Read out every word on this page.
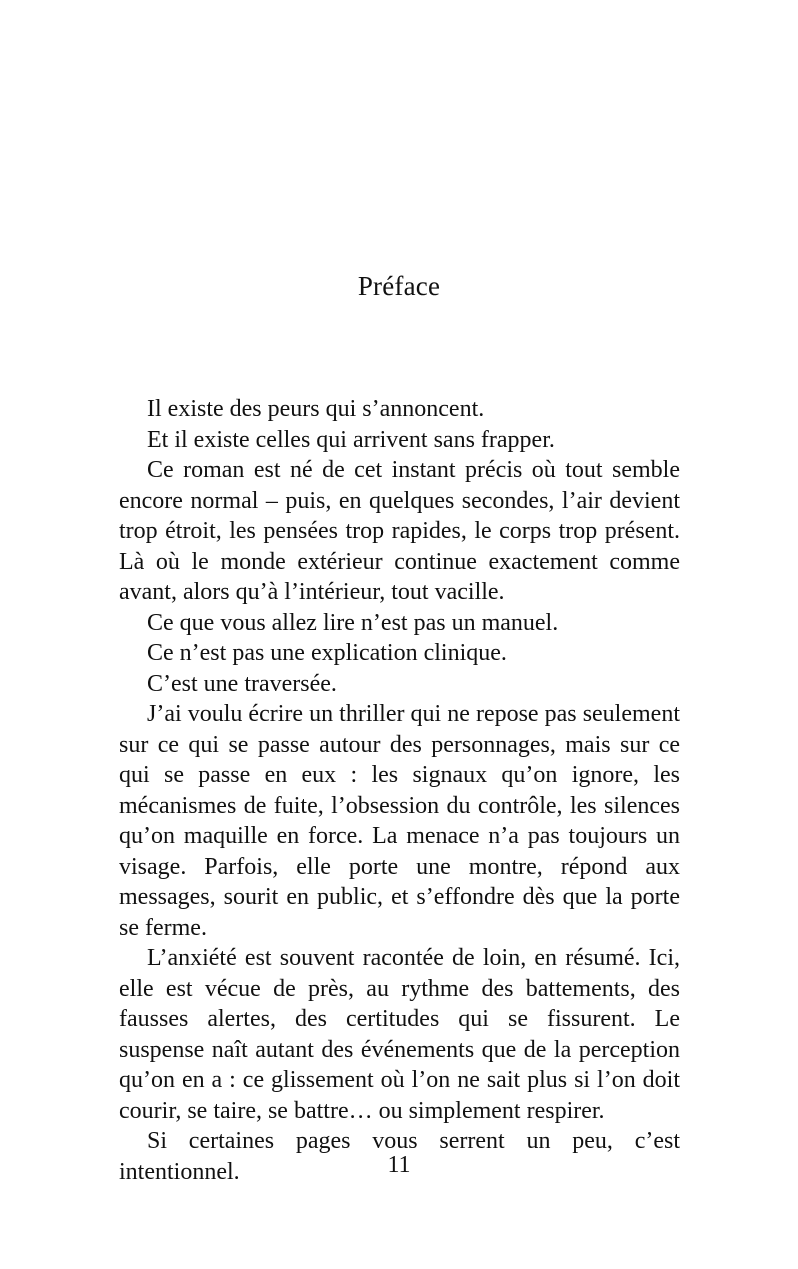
Préface

Il existe des peurs qui s’annoncent.

Et il existe celles qui arrivent sans frapper.

Ce roman est né de cet instant précis où tout semble encore normal – puis, en quelques secondes, l’air devient trop étroit, les pensées trop rapides, le corps trop présent. Là où le monde extérieur continue exactement comme avant, alors qu’à l’intérieur, tout vacille.

Ce que vous allez lire n’est pas un manuel.

Ce n’est pas une explication clinique.

C’est une traversée.

J’ai voulu écrire un thriller qui ne repose pas seulement sur ce qui se passe autour des personnages, mais sur ce qui se passe en eux : les signaux qu’on ignore, les mécanismes de fuite, l’obsession du contrôle, les silences qu’on maquille en force. La menace n’a pas toujours un visage. Parfois, elle porte une montre, répond aux messages, sourit en public, et s’effondre dès que la porte se ferme.

L’anxiété est souvent racontée de loin, en résumé. Ici, elle est vécue de près, au rythme des battements, des fausses alertes, des certitudes qui se fissurent. Le suspense naît autant des événements que de la perception qu’on en a : ce glissement où l’on ne sait plus si l’on doit courir, se taire, se battre… ou simplement respirer.

Si certaines pages vous serrent un peu, c’est intentionnel.	11
